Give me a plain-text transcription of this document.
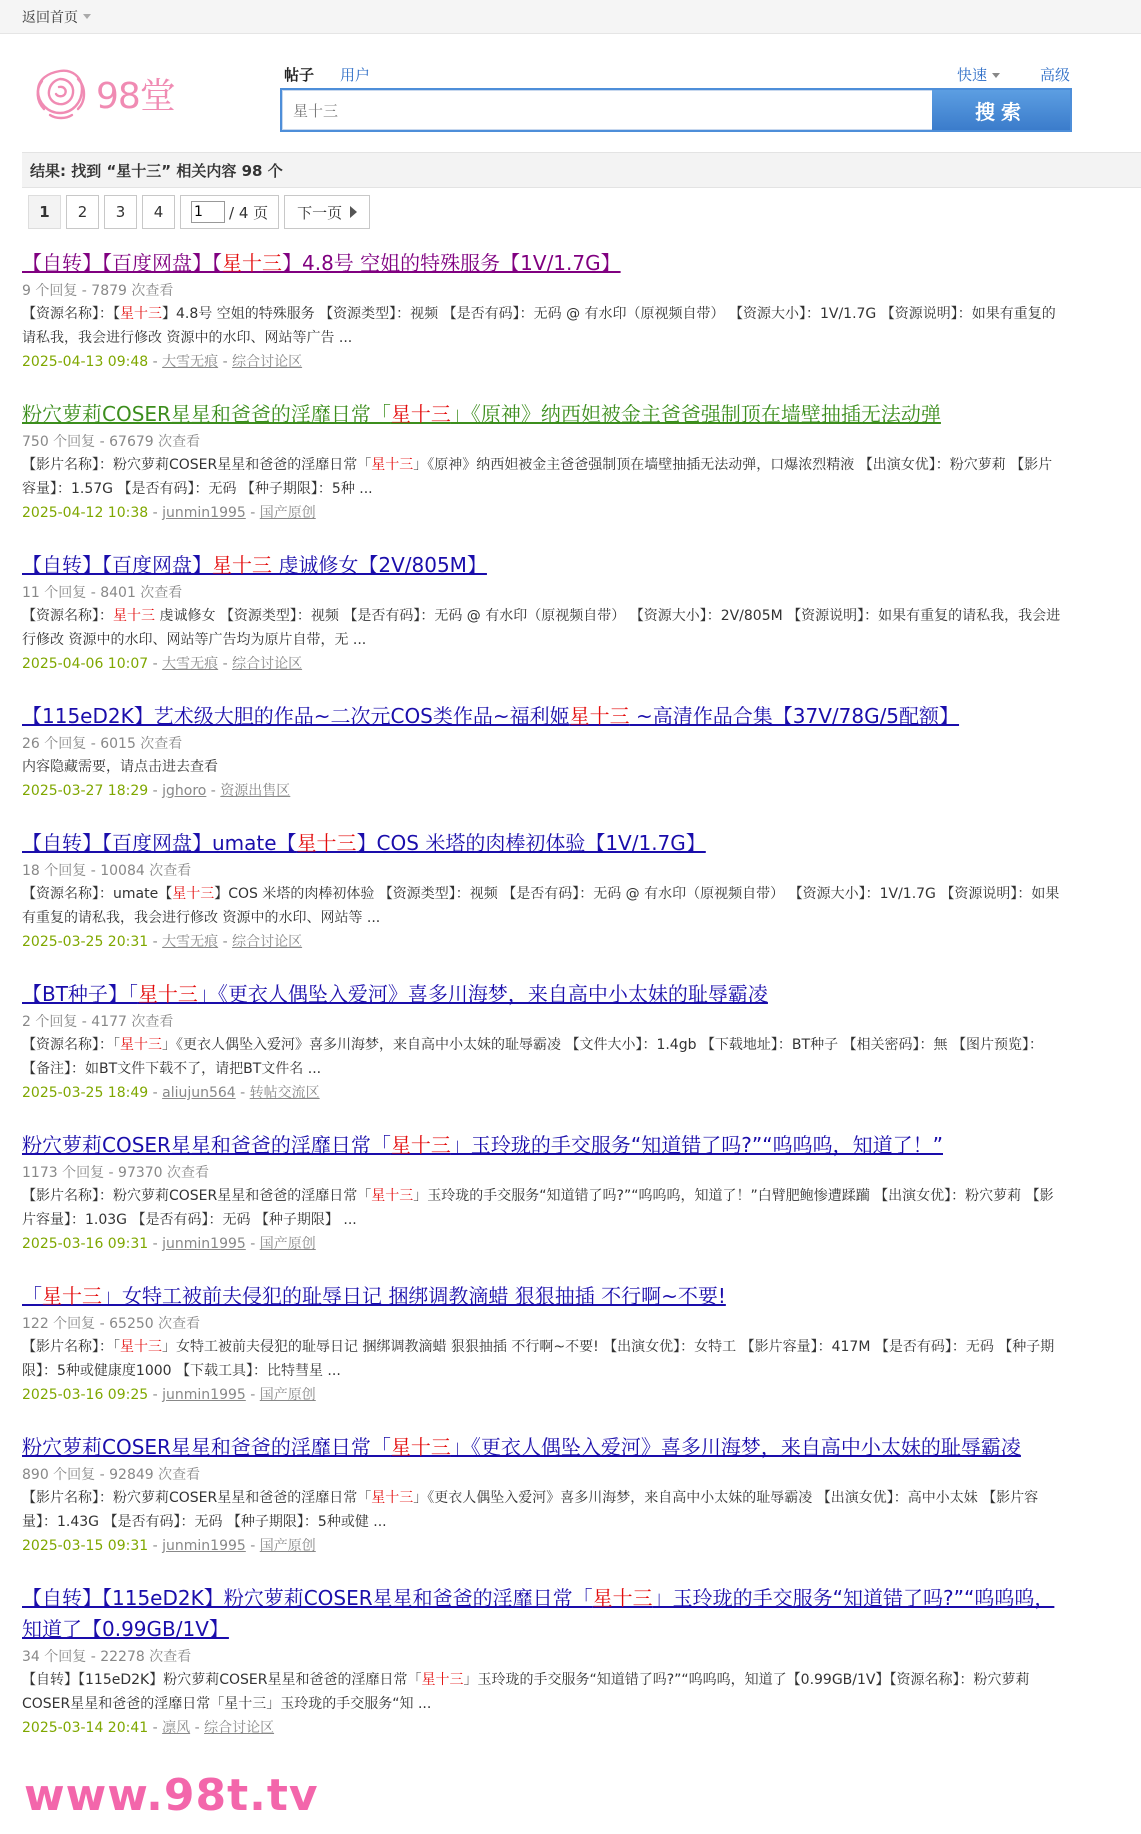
返回首页
98堂
帖子 用户	快速	高级
星十三
搜索
结果: 找到 “星十三” 相关内容 98 个
1	2	3	4
1	/ 4 页 下一页
【自转】【百度网盘】【星十三】4.8号 空姐的特殊服务【1V/1.7G】
9 个回复 - 7879 次查看
【资源名称】：【星十三】4.8号 空姐的特殊服务 【资源类型】：视频 【是否有码】：无码 @ 有水印（原视频自带） 【资源大小】：1V/1.7G 【资源说明】：如果有重复的请私我，我会进行修改 资源中的水印、网站等广告 ...
2025-04-13 09:48 - 大雪无痕 - 综合讨论区
粉穴萝莉COSER星星和爸爸的淫靡日常「星十三」《原神》纳西妲被金主爸爸强制顶在墙壁抽插无法动弹
750 个回复 - 67679 次查看
【影片名称】：粉穴萝莉COSER星星和爸爸的淫靡日常「星十三」《原神》纳西妲被金主爸爸强制顶在墙壁抽插无法动弹，口爆浓烈精液 【出演女优】：粉穴萝莉 【影片容量】：1.57G 【是否有码】：无码 【种子期限】：5种 ...
2025-04-12 10:38 - junmin1995 - 国产原创
【自转】【百度网盘】星十三 虔诚修女【2V/805M】
11 个回复 - 8401 次查看
【资源名称】：星十三 虔诚修女 【资源类型】：视频 【是否有码】：无码 @ 有水印（原视频自带） 【资源大小】：2V/805M 【资源说明】：如果有重复的请私我，我会进行修改 资源中的水印、网站等广告均为原片自带，无 ...
2025-04-06 10:07 - 大雪无痕 - 综合讨论区
【115eD2K】艺术级大胆的作品~二次元COS类作品~福利姬星十三 ~高清作品合集【37V/78G/5配额】
26 个回复 - 6015 次查看
内容隐藏需要，请点击进去查看
2025-03-27 18:29 - jghoro - 资源出售区
【自转】【百度网盘】umate【星十三】COS 米塔的肉棒初体验【1V/1.7G】
18 个回复 - 10084 次查看
【资源名称】：umate【星十三】COS 米塔的肉棒初体验 【资源类型】：视频 【是否有码】：无码 @ 有水印（原视频自带） 【资源大小】：1V/1.7G 【资源说明】：如果有重复的请私我，我会进行修改 资源中的水印、网站等 ...
2025-03-25 20:31 - 大雪无痕 - 综合讨论区
【BT种子】「星十三」《更衣人偶坠入爱河》喜多川海梦，来自高中小太妹的耻辱霸凌
2 个回复 - 4177 次查看
【资源名称】：「星十三」《更衣人偶坠入爱河》喜多川海梦，来自高中小太妹的耻辱霸凌 【文件大小】：1.4gb 【下载地址】：BT种子 【相关密码】：無 【图片预览】：【备注】：如BT文件下载不了，请把BT文件名 ...
2025-03-25 18:49 - aliujun564 - 转帖交流区
粉穴萝莉COSER星星和爸爸的淫靡日常「星十三」玉玲珑的手交服务“知道错了吗?”“呜呜呜，知道了！”
1173 个回复 - 97370 次查看
【影片名称】：粉穴萝莉COSER星星和爸爸的淫靡日常「星十三」玉玲珑的手交服务“知道错了吗?”“呜呜呜，知道了！”白臂肥鲍惨遭蹂躏 【出演女优】：粉穴萝莉 【影片容量】：1.03G 【是否有码】：无码 【种子期限】 ...
2025-03-16 09:31 - junmin1995 - 国产原创
「星十三」女特工被前夫侵犯的耻辱日记 捆绑调教滴蜡 狠狠抽插 不行啊~不要!
122 个回复 - 65250 次查看
【影片名称】：「星十三」女特工被前夫侵犯的耻辱日记 捆绑调教滴蜡 狠狠抽插 不行啊~不要! 【出演女优】：女特工 【影片容量】：417M 【是否有码】：无码 【种子期限】：5种或健康度1000 【下载工具】：比特彗星 ...
2025-03-16 09:25 - junmin1995 - 国产原创
粉穴萝莉COSER星星和爸爸的淫靡日常「星十三」《更衣人偶坠入爱河》喜多川海梦，来自高中小太妹的耻辱霸凌
890 个回复 - 92849 次查看
【影片名称】：粉穴萝莉COSER星星和爸爸的淫靡日常「星十三」《更衣人偶坠入爱河》喜多川海梦，来自高中小太妹的耻辱霸凌 【出演女优】：高中小太妹 【影片容量】：1.43G 【是否有码】：无码 【种子期限】：5种或健 ...
2025-03-15 09:31 - junmin1995 - 国产原创
【自转】【115eD2K】粉穴萝莉COSER星星和爸爸的淫靡日常「星十三」玉玲珑的手交服务“知道错了吗?”“呜呜呜，知道了【0.99GB/1V】
34 个回复 - 22278 次查看
【自转】【115eD2K】粉穴萝莉COSER星星和爸爸的淫靡日常「星十三」玉玲珑的手交服务“知道错了吗?”“呜呜呜，知道了【0.99GB/1V】【资源名称】：粉穴萝莉COSER星星和爸爸的淫靡日常「星十三」玉玲珑的手交服务“知 ...
2025-03-14 20:41 - 凛风 - 综合讨论区
www.98t.tv
